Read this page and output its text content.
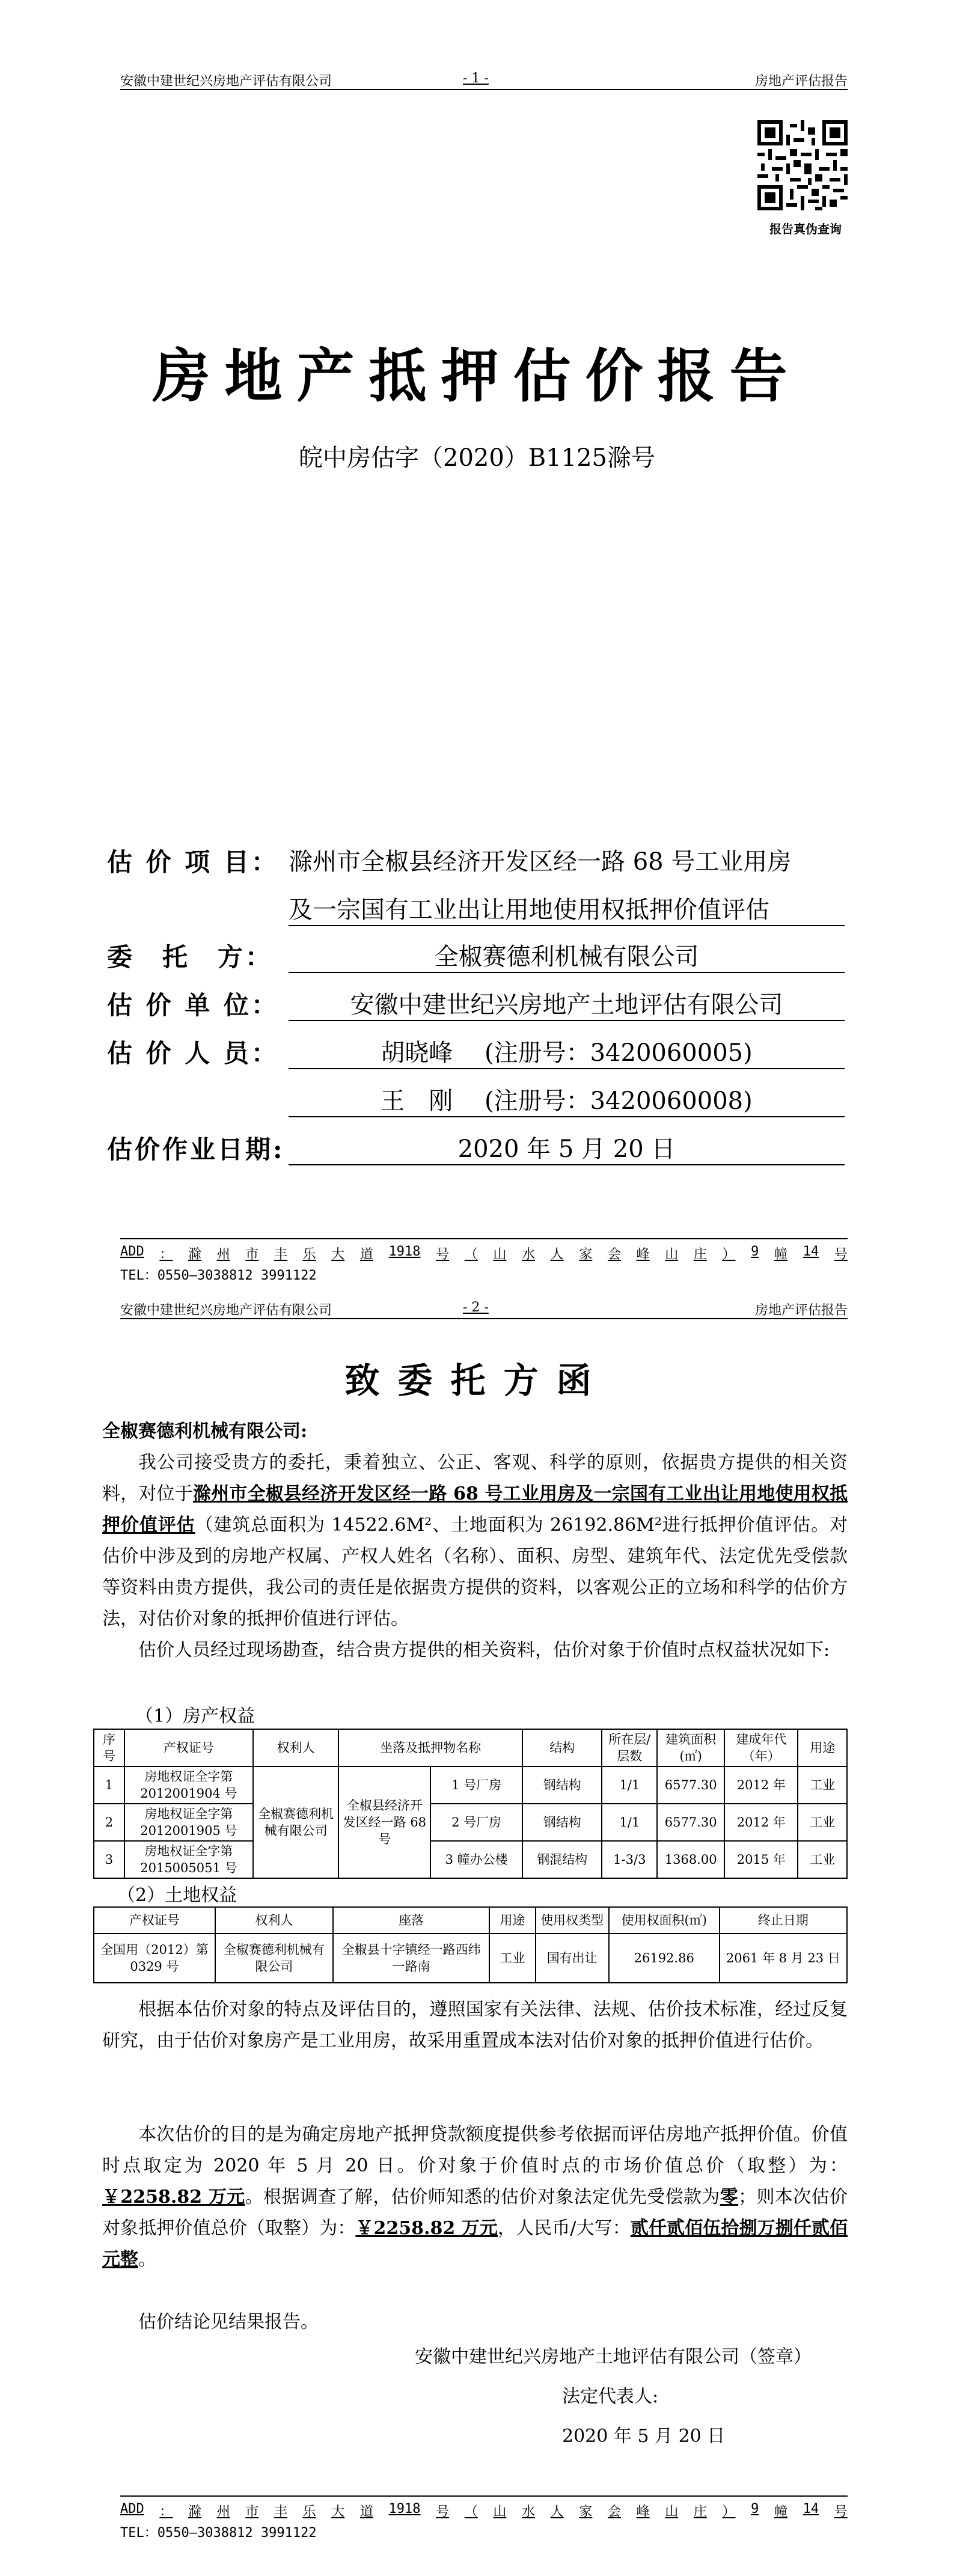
安徽中建世纪兴房地产评估有限公司	- 1 -	房地产评估报告
报告真伪查询
房地产抵押估价报告
皖中房估字（2020）B1125滁号
估 价 项 目： 滁州市全椒县经济开发区经一路 68 号工业用房
及一宗国有工业出让用地使用权抵押价值评估
委　托　方：	全椒赛德利机械有限公司
估 价 单 位：	安徽中建世纪兴房地产土地评估有限公司
估 价 人 员：	胡晓峰　 (注册号：3420060005)
王　刚　 (注册号：3420060008)
估价作业日期:	2020 年 5 月 20 日
ADD ： 滁 州 市 丰 乐 大 道 1918 号 （ 山 水 人 家 会 峰 山 庄 ） 9 幢 14 号
TEL：0550—3038812 3991122
安徽中建世纪兴房地产评估有限公司	- 2 -	房地产评估报告
致委托方函
全椒赛德利机械有限公司:
我公司接受贵方的委托，秉着独立、公正、客观、科学的原则，依据贵方提供的相关资料，对位于滁州市全椒县经济开发区经一路 68 号工业用房及一宗国有工业出让用地使用权抵押价值评估（建筑总面积为 14522.6M²、土地面积为 26192.86M²进行抵押价值评估。对估价中涉及到的房地产权属、产权人姓名（名称）、面积、房型、建筑年代、法定优先受偿款等资料由贵方提供，我公司的责任是依据贵方提供的资料，以客观公正的立场和科学的估价方法，对估价对象的抵押价值进行评估。
估价人员经过现场勘查，结合贵方提供的相关资料，估价对象于价值时点权益状况如下:
（1）房产权益
序号	产权证号	权利人	坐落及抵押物名称		结构	所在层/层数	建筑面积(㎡)	建成年代（年）	用途
1	房地权证全字第 2012001904 号	全椒赛德利机械有限公司	全椒县经济开发区经一路 68 号	1 号厂房	钢结构	1/1	6577.30	2012 年	工业
2	房地权证全字第 2012001905 号			2 号厂房	钢结构	1/1	6577.30	2012 年	工业
3	房地权证全字第 2015005051 号			3 幢办公楼	钢混结构	1-3/3	1368.00	2015 年	工业
（2）土地权益
产权证号	权利人	座落	用途	使用权类型	使用权面积(㎡)	终止日期
全国用（2012）第 0329 号	全椒赛德利机械有限公司	全椒县十字镇经一路西纬一路南	工业	国有出让	26192.86	2061 年 8 月 23 日
根据本估价对象的特点及评估目的，遵照国家有关法律、法规、估价技术标准，经过反复研究，由于估价对象房产是工业用房，故采用重置成本法对估价对象的抵押价值进行估价。
本次估价的目的是为确定房地产抵押贷款额度提供参考依据而评估房地产抵押价值。价值时点取定为 2020 年 5 月 20 日。价对象于价值时点的市场价值总价（取整）为：￥2258.82 万元。根据调查了解，估价师知悉的估价对象法定优先受偿款为零；则本次估价对象抵押价值总价（取整）为：￥2258.82 万元，人民币/大写：贰仟贰佰伍拾捌万捌仟贰佰元整。
估价结论见结果报告。
安徽中建世纪兴房地产土地评估有限公司（签章）
法定代表人:
2020 年 5 月 20 日
ADD ： 滁 州 市 丰 乐 大 道 1918 号 （ 山 水 人 家 会 峰 山 庄 ） 9 幢 14 号
TEL：0550—3038812 3991122
